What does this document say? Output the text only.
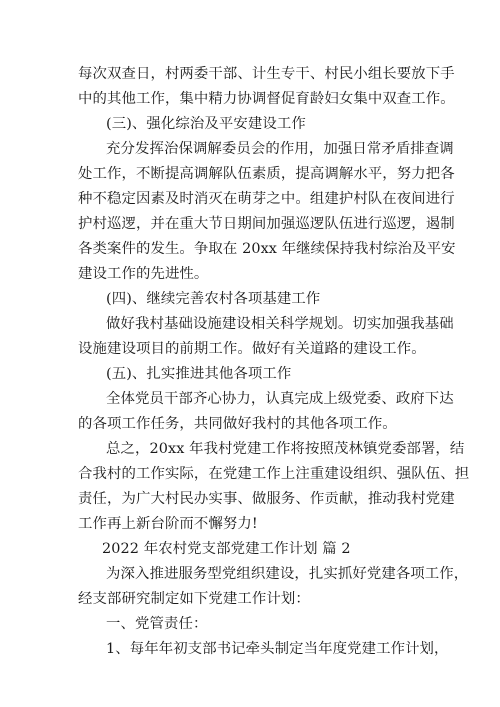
每次双查日，村两委干部、计生专干、村民小组长要放下手
中的其他工作，集中精力协调督促育龄妇女集中双查工作。
(三)、强化综治及平安建设工作
充分发挥治保调解委员会的作用，加强日常矛盾排查调
处工作，不断提高调解队伍素质，提高调解水平，努力把各
种不稳定因素及时消灭在萌芽之中。组建护村队在夜间进行
护村巡逻，并在重大节日期间加强巡逻队伍进行巡逻，遏制
各类案件的发生。争取在 20xx 年继续保持我村综治及平安
建设工作的先进性。
(四)、继续完善农村各项基建工作
做好我村基础设施建设相关科学规划。切实加强我基础
设施建设项目的前期工作。做好有关道路的建设工作。
(五)、扎实推进其他各项工作
全体党员干部齐心协力，认真完成上级党委、政府下达
的各项工作任务，共同做好我村的其他各项工作。
总之，20xx 年我村党建工作将按照茂林镇党委部署，结
合我村的工作实际，在党建工作上注重建设组织、强队伍、担
责任，为广大村民办实事、做服务、作贡献，推动我村党建
工作再上新台阶而不懈努力!
2022 年农村党支部党建工作计划 篇 2
为深入推进服务型党组织建设，扎实抓好党建各项工作，
经支部研究制定如下党建工作计划：
一、党管责任：
1、每年年初支部书记牵头制定当年度党建工作计划，
